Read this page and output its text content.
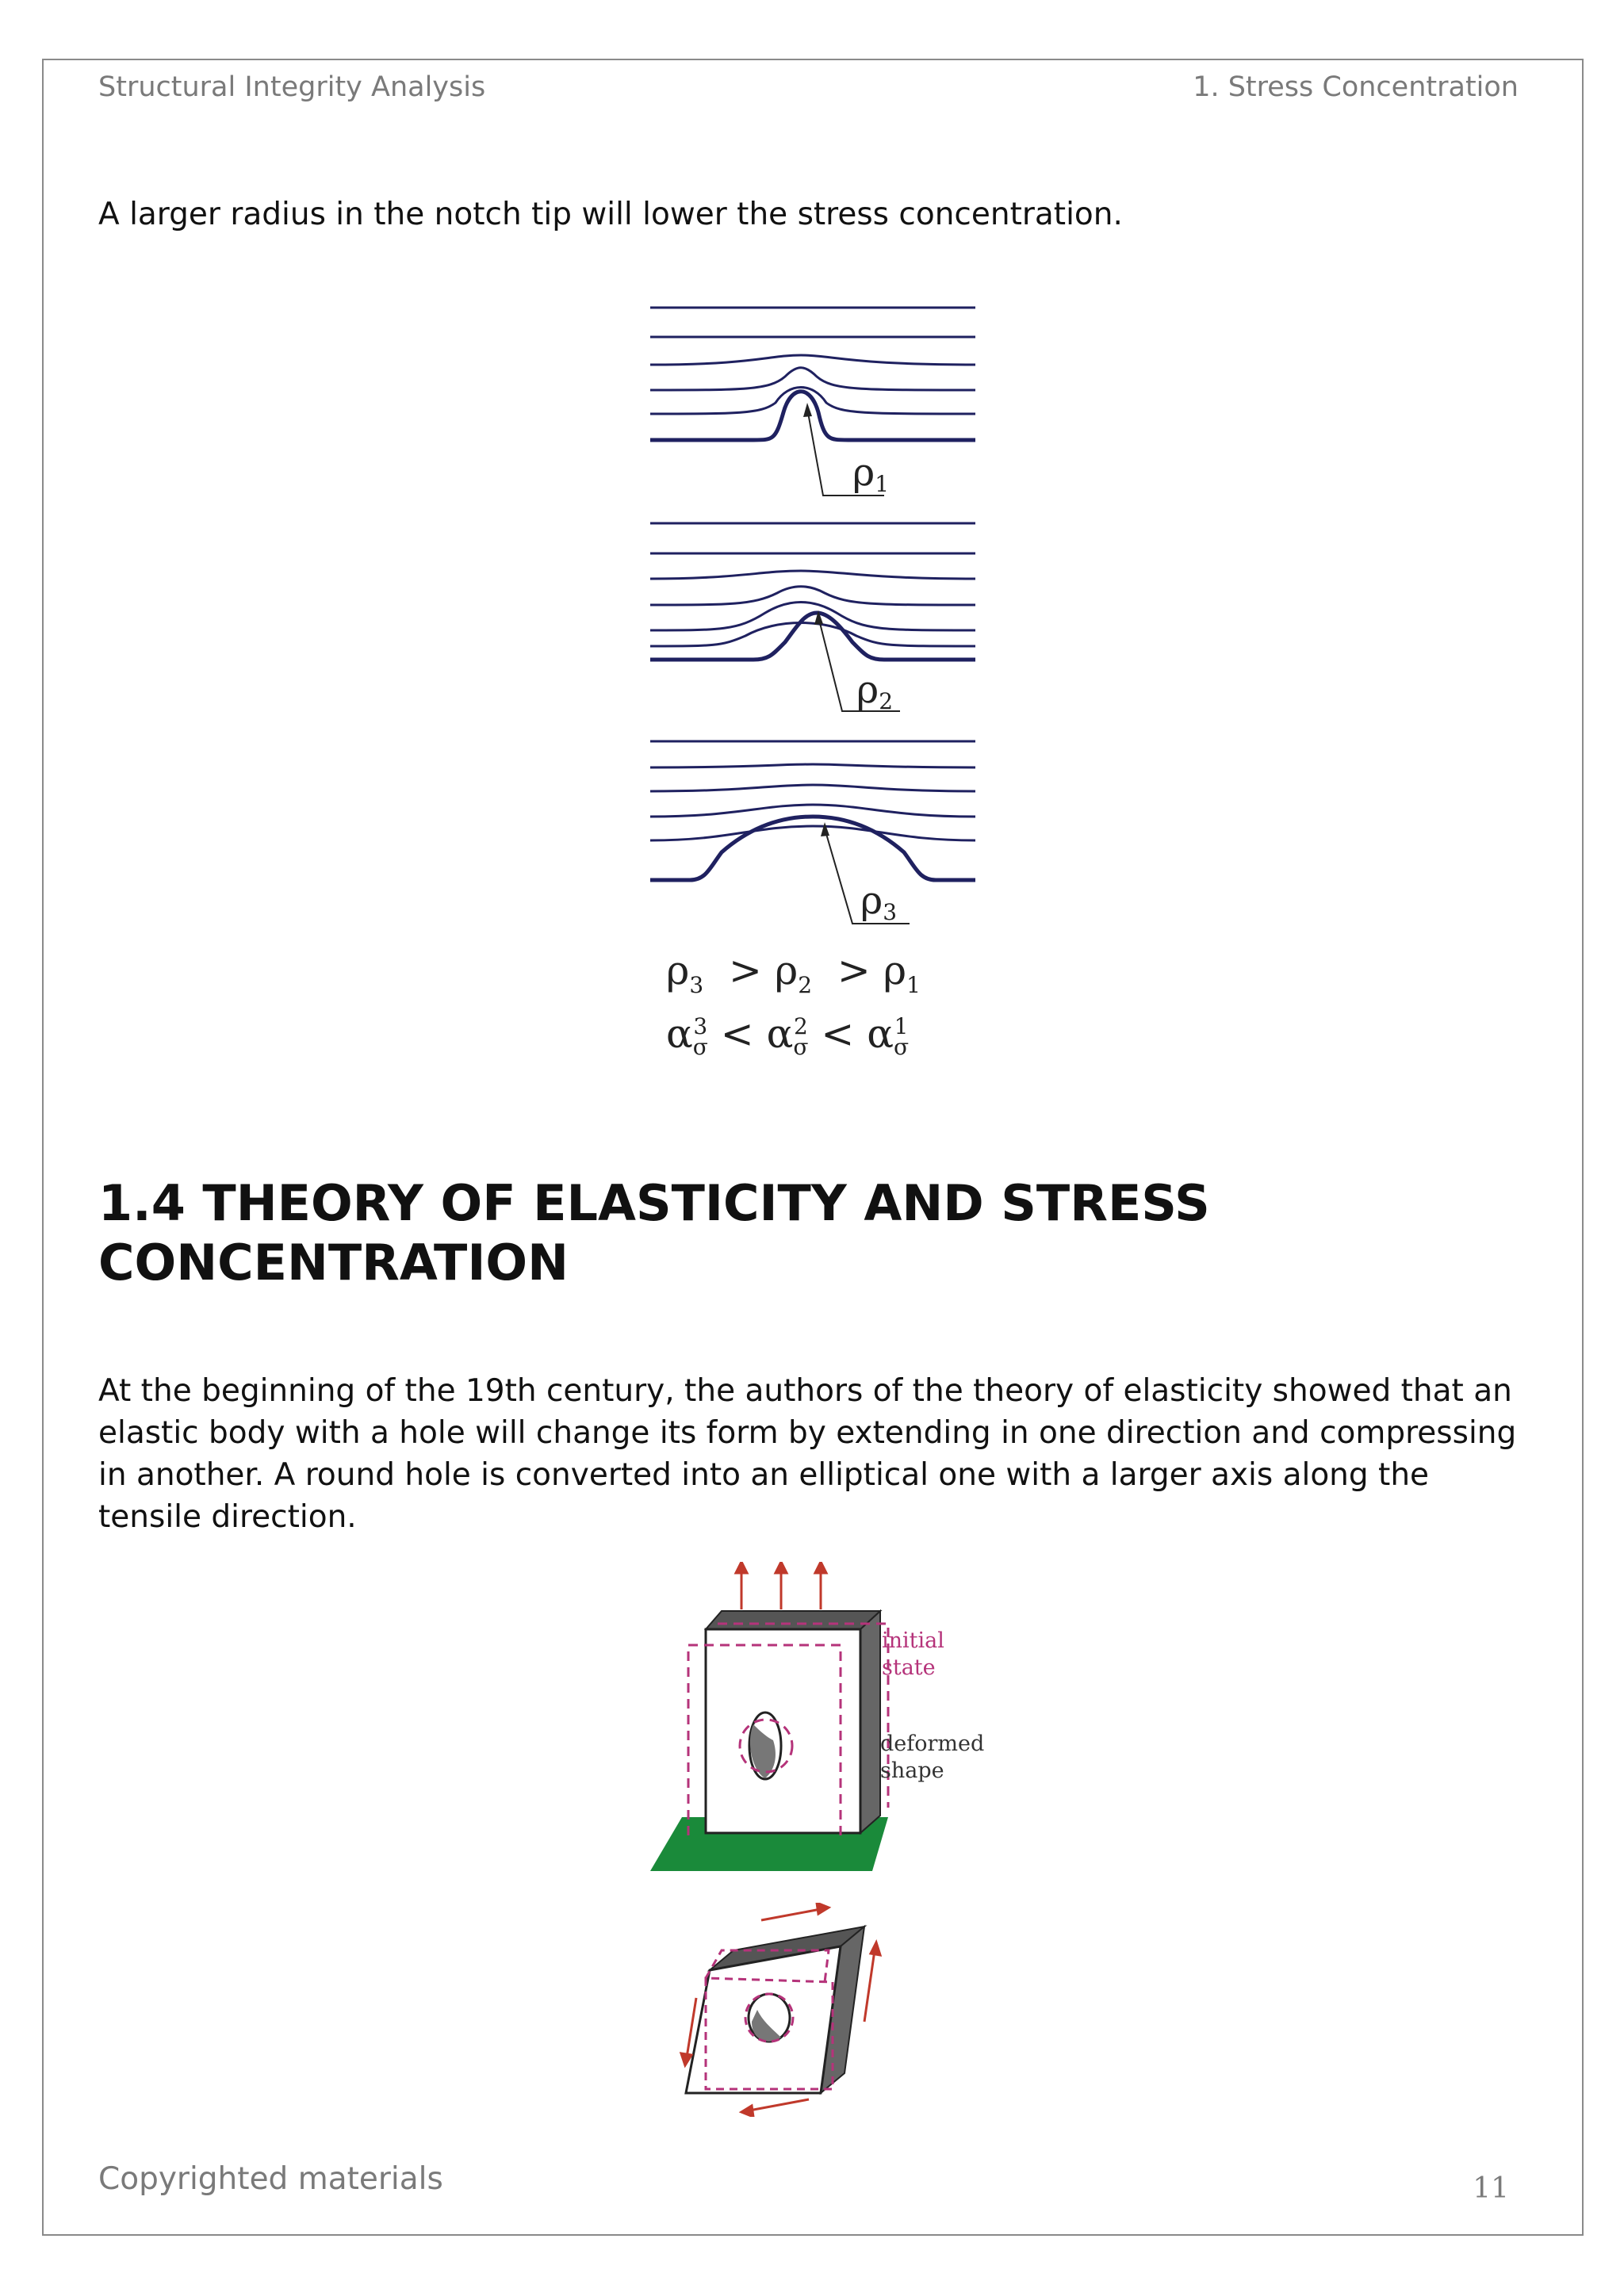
Structural Integrity Analysis	1. Stress Concentration

A larger radius in the notch tip will lower the stress concentration.

ρ1
ρ2
ρ3
$\rho_3 > \rho_2 > \rho_1$
α3
σ < α2
σ < α1
σ
1.4 THEORY OF ELASTICITY AND STRESS
CONCENTRATION

At the beginning of the 19th century, the authors of the theory of elasticity showed that an elastic body with a hole will change its form by extending in one direction and compressing in another. A round hole is converted into an elliptical one with a larger axis along the tensile direction.

initial
state
deformed
shape
Copyrighted materials	11
